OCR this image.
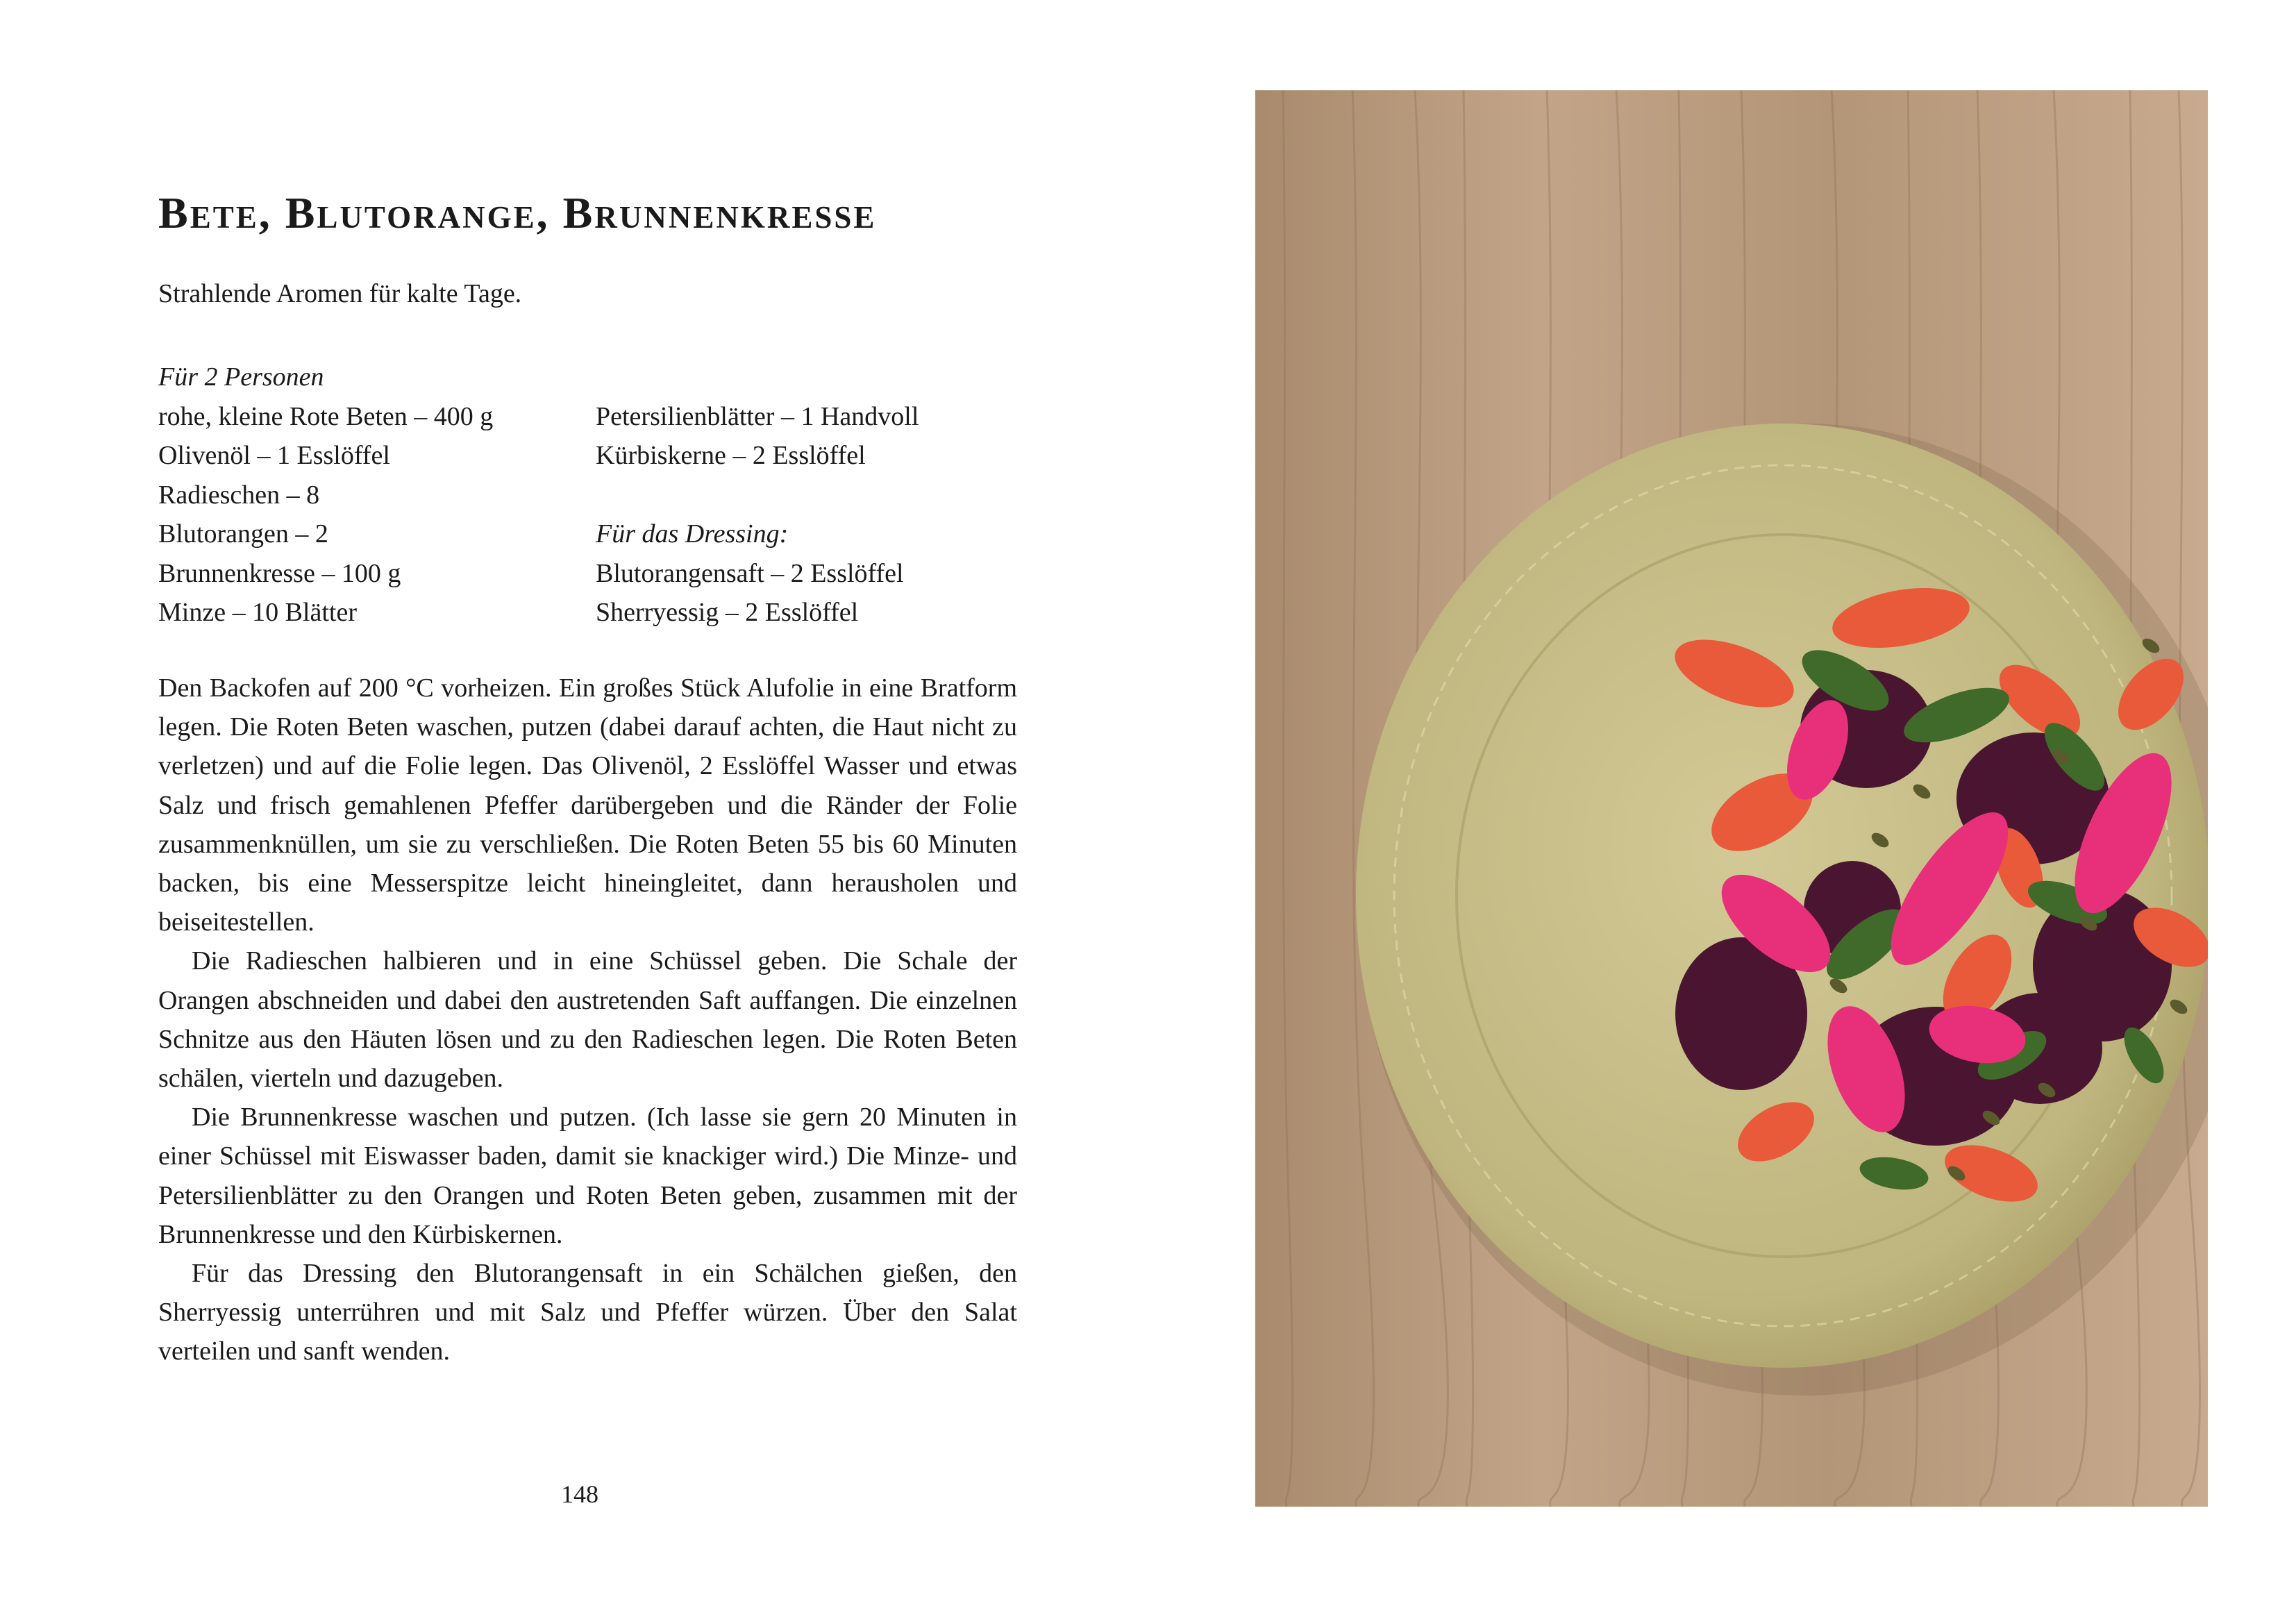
Bete, Blutorange, Brunnenkresse

Strahlende Aromen für kalte Tage.

Für 2 Personen
rohe, kleine Rote Beten – 400 g
Olivenöl – 1 Esslöffel
Radieschen – 8
Blutorangen – 2
Brunnenkresse – 100 g
Minze – 10 Blätter
Petersilienblätter – 1 Handvoll
Kürbiskerne – 2 Esslöffel
Für das Dressing:
Blutorangensaft – 2 Esslöffel
Sherryessig – 2 Esslöffel

Den Backofen auf 200 °C vorheizen. Ein großes Stück Alufolie in eine Bratform legen. Die Roten Beten waschen, putzen (dabei darauf achten, die Haut nicht zu verletzen) und auf die Folie legen. Das Olivenöl, 2 Esslöffel Wasser und etwas Salz und frisch gemahlenen Pfeffer darübergeben und die Ränder der Folie zusammenknüllen, um sie zu verschließen. Die Roten Beten 55 bis 60 Minuten backen, bis eine Messerspitze leicht hineingleitet, dann herausholen und beiseitestellen.

Die Radieschen halbieren und in eine Schüssel geben. Die Schale der Orangen abschneiden und dabei den austretenden Saft auffangen. Die einzelnen Schnitze aus den Häuten lösen und zu den Radieschen legen. Die Roten Beten schälen, vierteln und dazugeben.

Die Brunnenkresse waschen und putzen. (Ich lasse sie gern 20 Minuten in einer Schüssel mit Eiswasser baden, damit sie knackiger wird.) Die Minze- und Petersilienblätter zu den Orangen und Roten Beten geben, zusammen mit der Brunnenkresse und den Kürbiskernen.

Für das Dressing den Blutorangensaft in ein Schälchen gießen, den Sherryessig unterrühren und mit Salz und Pfeffer würzen. Über den Salat verteilen und sanft wenden.

148
